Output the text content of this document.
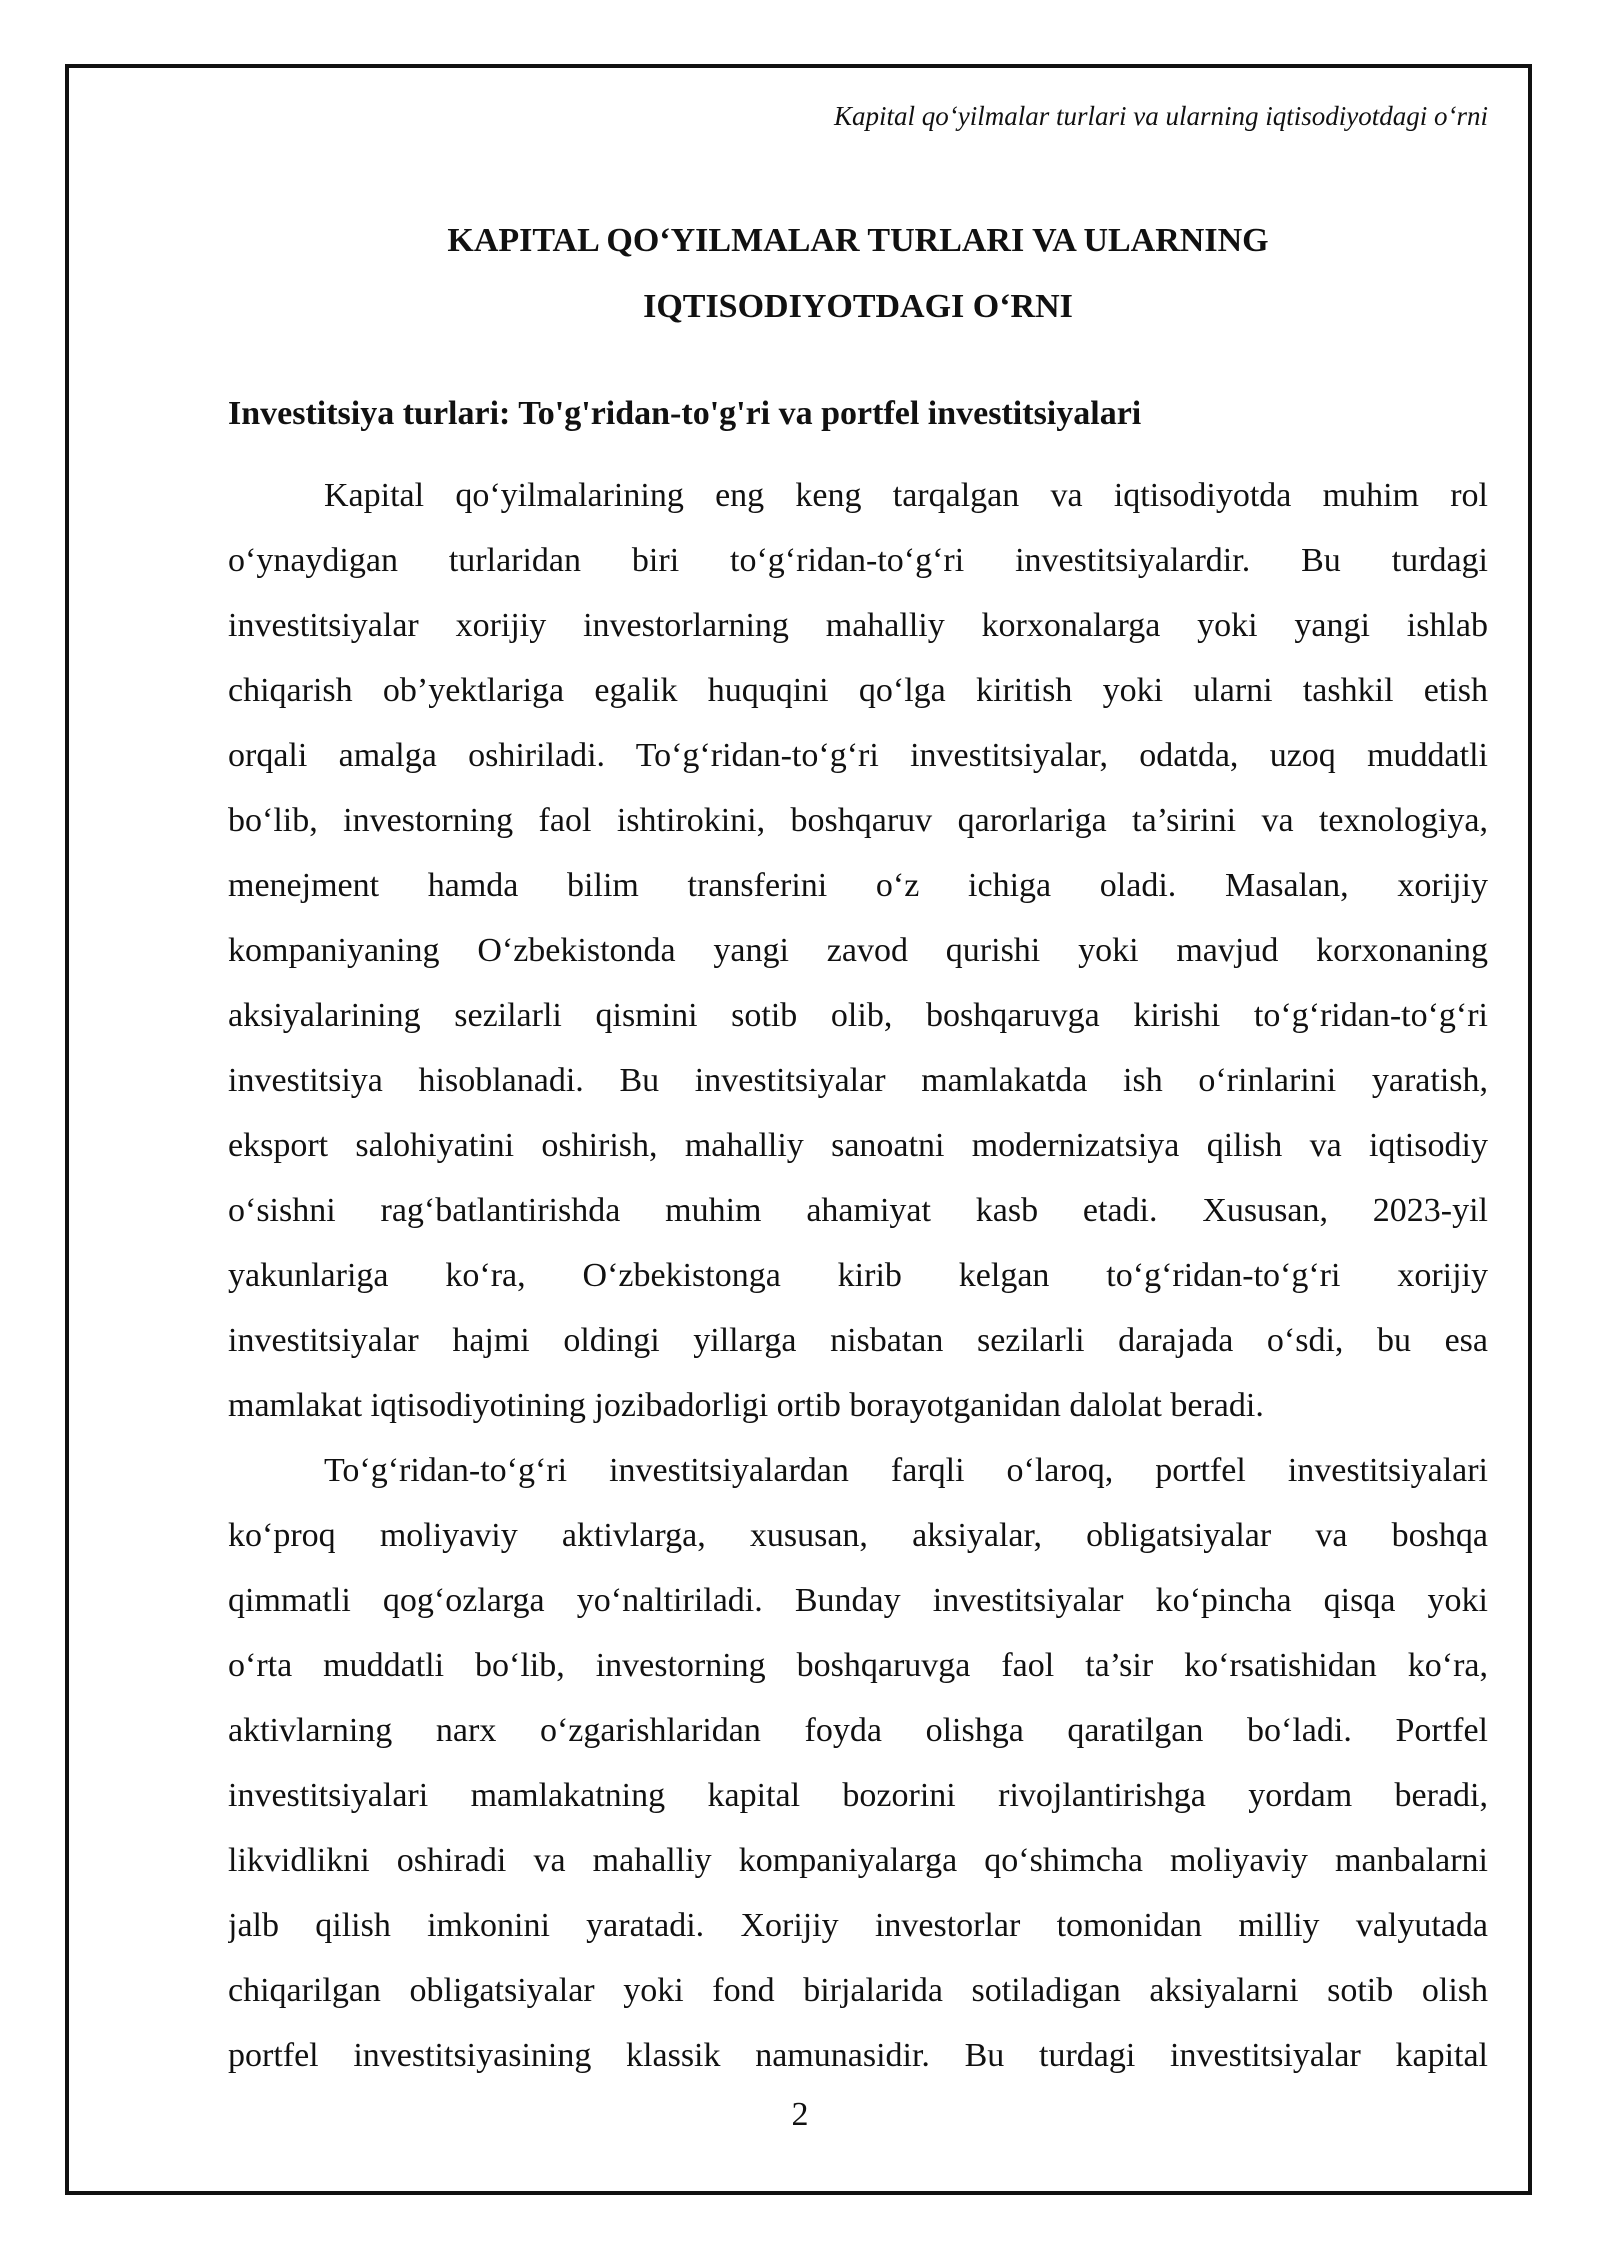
Kapital qo‘yilmalar turlari va ularning iqtisodiyotdagi o‘rni
KAPITAL QO‘YILMALAR TURLARI VA ULARNING
IQTISODIYOTDAGI O‘RNI
Investitsiya turlari: To'g'ridan-to'g'ri va portfel investitsiyalari
Kapital qo‘yilmalarining eng keng tarqalgan va iqtisodiyotda muhim rol
o‘ynaydigan turlaridan biri to‘g‘ridan-to‘g‘ri investitsiyalardir. Bu turdagi
investitsiyalar xorijiy investorlarning mahalliy korxonalarga yoki yangi ishlab
chiqarish ob’yektlariga egalik huquqini qo‘lga kiritish yoki ularni tashkil etish
orqali amalga oshiriladi. To‘g‘ridan-to‘g‘ri investitsiyalar, odatda, uzoq muddatli
bo‘lib, investorning faol ishtirokini, boshqaruv qarorlariga ta’sirini va texnologiya,
menejment hamda bilim transferini o‘z ichiga oladi. Masalan, xorijiy
kompaniyaning O‘zbekistonda yangi zavod qurishi yoki mavjud korxonaning
aksiyalarining sezilarli qismini sotib olib, boshqaruvga kirishi to‘g‘ridan-to‘g‘ri
investitsiya hisoblanadi. Bu investitsiyalar mamlakatda ish o‘rinlarini yaratish,
eksport salohiyatini oshirish, mahalliy sanoatni modernizatsiya qilish va iqtisodiy
o‘sishni rag‘batlantirishda muhim ahamiyat kasb etadi. Xususan, 2023-yil
yakunlariga ko‘ra, O‘zbekistonga kirib kelgan to‘g‘ridan-to‘g‘ri xorijiy
investitsiyalar hajmi oldingi yillarga nisbatan sezilarli darajada o‘sdi, bu esa
mamlakat iqtisodiyotining jozibadorligi ortib borayotganidan dalolat beradi.
To‘g‘ridan-to‘g‘ri investitsiyalardan farqli o‘laroq, portfel investitsiyalari
ko‘proq moliyaviy aktivlarga, xususan, aksiyalar, obligatsiyalar va boshqa
qimmatli qog‘ozlarga yo‘naltiriladi. Bunday investitsiyalar ko‘pincha qisqa yoki
o‘rta muddatli bo‘lib, investorning boshqaruvga faol ta’sir ko‘rsatishidan ko‘ra,
aktivlarning narx o‘zgarishlaridan foyda olishga qaratilgan bo‘ladi. Portfel
investitsiyalari mamlakatning kapital bozorini rivojlantirishga yordam beradi,
likvidlikni oshiradi va mahalliy kompaniyalarga qo‘shimcha moliyaviy manbalarni
jalb qilish imkonini yaratadi. Xorijiy investorlar tomonidan milliy valyutada
chiqarilgan obligatsiyalar yoki fond birjalarida sotiladigan aksiyalarni sotib olish
portfel investitsiyasining klassik namunasidir. Bu turdagi investitsiyalar kapital
2
